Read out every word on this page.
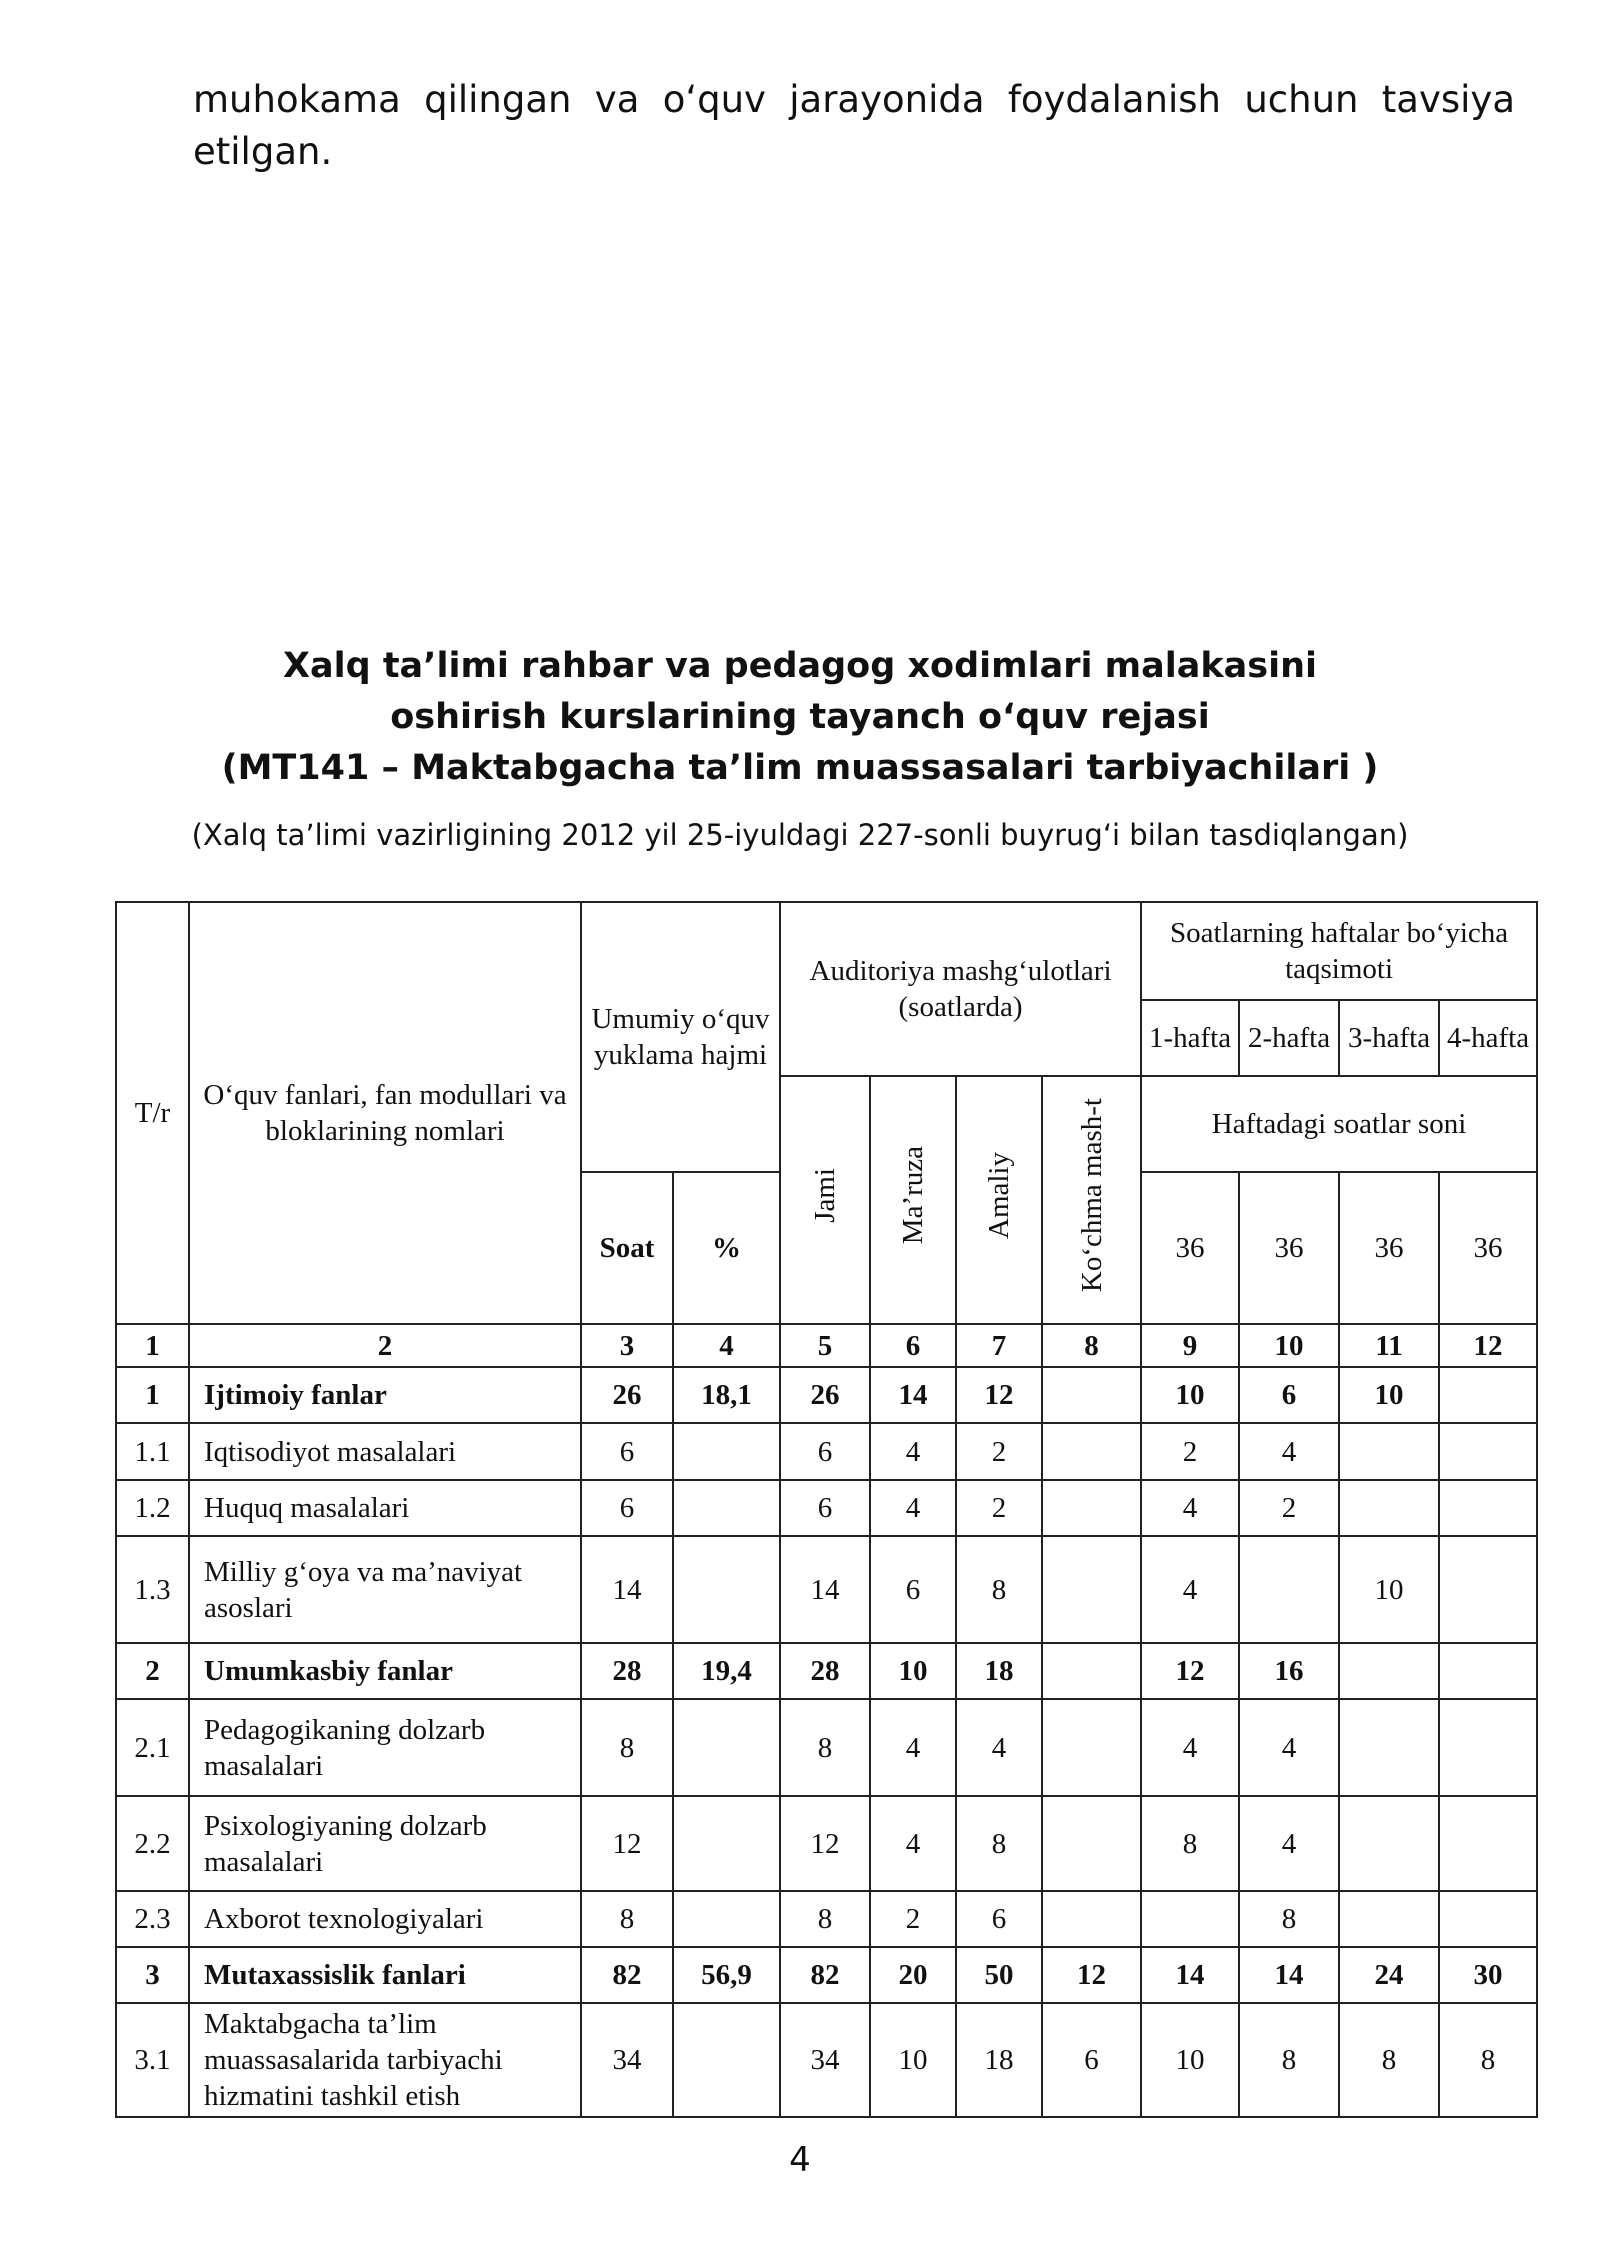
muhokama qilingan va o‘quv jarayonida foydalanish uchun tavsiya etilgan.

Xalq ta’limi rahbar va pedagog xodimlari malakasini
oshirish kurslarining tayanch o‘quv rejasi
(MT141 – Maktabgacha ta’lim muassasalari tarbiyachilari )
(Xalq ta’limi vazirligining 2012 yil 25-iyuldagi 227-sonli buyrug‘i bilan tasdiqlangan)
T/r	O‘quv fanlari, fan modullari va bloklarining nomlari	Umumiy o‘quv yuklama hajmi		Auditoriya mashg‘ulotlari (soatlarda)				Soatlarning haftalar bo‘yicha taqsimoti			
								1-hafta	2-hafta	3-hafta	4-hafta
				Jami	Ma’ruza	Amaliy	Ko‘chma mash-t	Haftadagi soatlar soni			
		Soat	%					36	36	36	36
1	2	3	4	5	6	7	8	9	10	11	12
1	Ijtimoiy fanlar	26	18,1	26	14	12		10	6	10	
1.1	Iqtisodiyot masalalari	6		6	4	2		2	4		
1.2	Huquq masalalari	6		6	4	2		4	2		
1.3	Milliy g‘oya va ma’naviyat asoslari	14		14	6	8		4		10	
2	Umumkasbiy fanlar	28	19,4	28	10	18		12	16		
2.1	Pedagogikaning dolzarb masalalari	8		8	4	4		4	4		
2.2	Psixologiyaning dolzarb masalalari	12		12	4	8		8	4		
2.3	Axborot texnologiyalari	8		8	2	6			8		
3	Mutaxassislik fanlari	82	56,9	82	20	50	12	14	14	24	30
3.1	Maktabgacha ta’lim muassasalarida tarbiyachi hizmatini tashkil etish	34		34	10	18	6	10	8	8	8
4
